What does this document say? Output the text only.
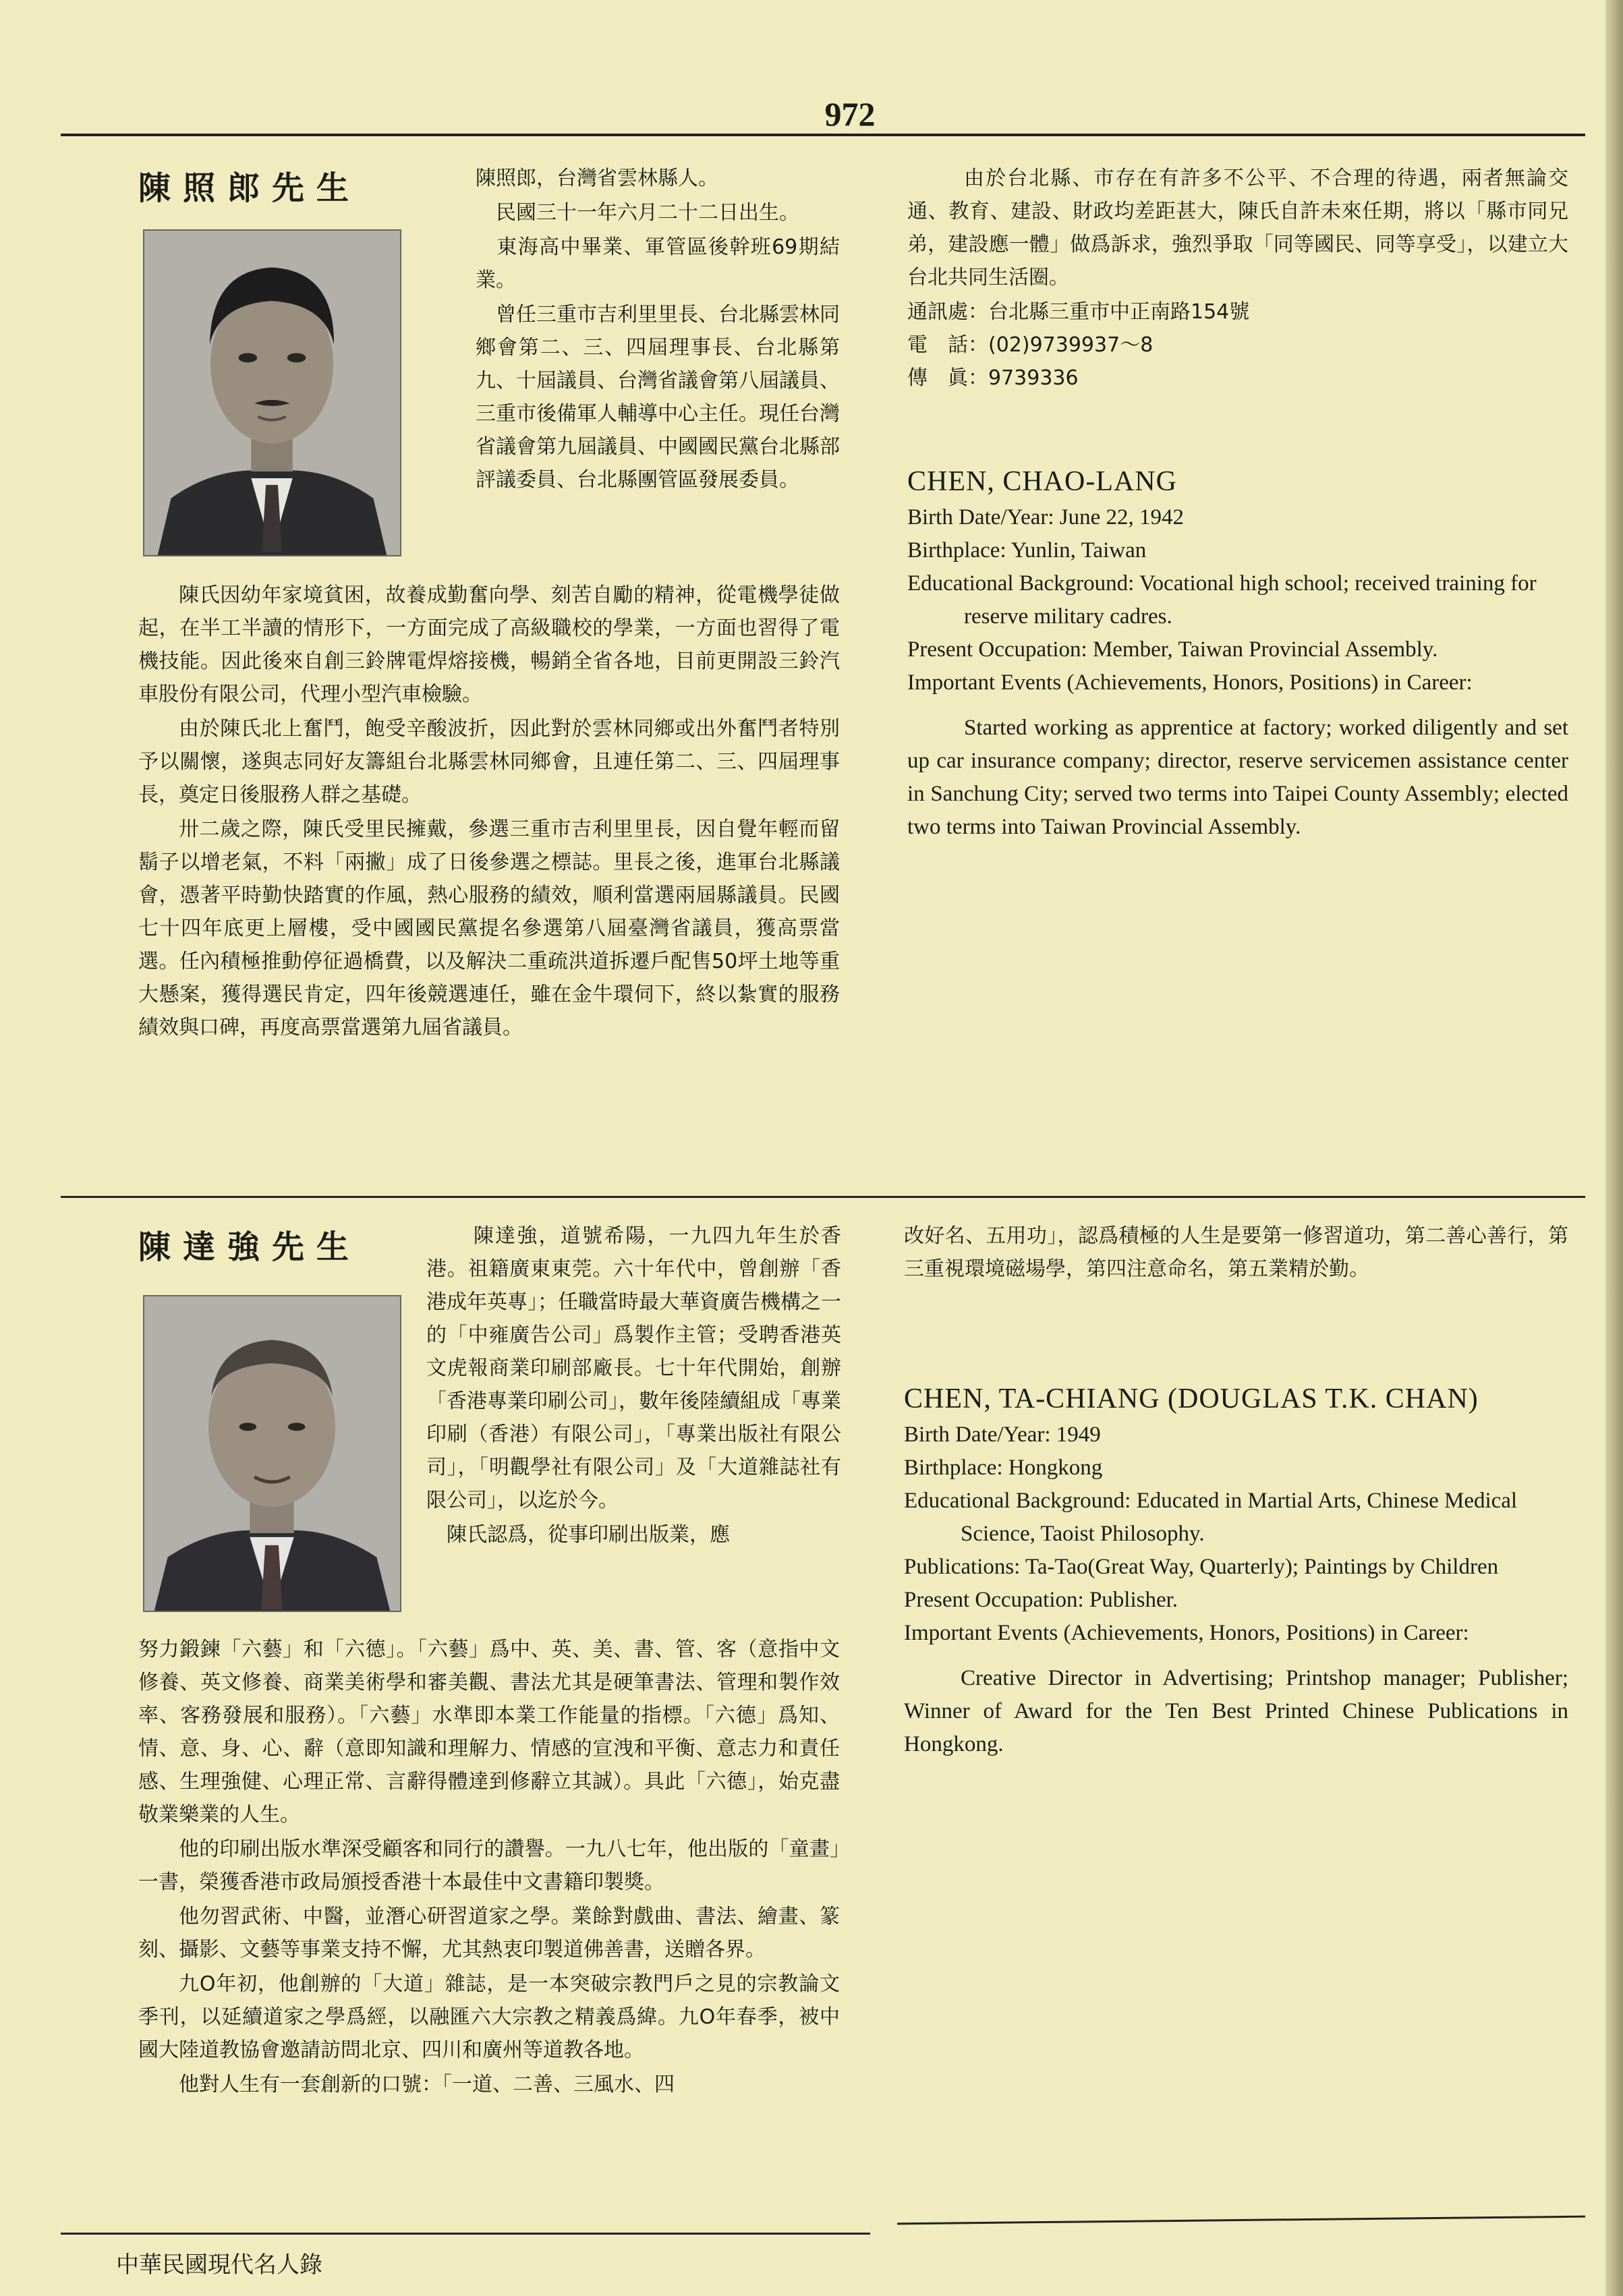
972
陳照郎先生	陳照郎，台灣省雲林縣人。

　民國三十一年六月二十二日出生。

　東海高中畢業、軍管區後幹班69期結業。

　曾任三重市吉利里里長、台北縣雲林同鄉會第二、三、四屆理事長、台北縣第九、十屆議員、台灣省議會第八屆議員、三重市後備軍人輔導中心主任。現任台灣省議會第九屆議員、中國國民黨台北縣部評議委員、台北縣團管區發展委員。

陳氏因幼年家境貧困，故養成勤奮向學、刻苦自勵的精神，從電機學徒做起，在半工半讀的情形下，一方面完成了高級職校的學業，一方面也習得了電機技能。因此後來自創三鈴牌電焊熔接機，暢銷全省各地，目前更開設三鈴汽車股份有限公司，代理小型汽車檢驗。

由於陳氏北上奮鬥，飽受辛酸波折，因此對於雲林同鄉或出外奮鬥者特別予以關懷，遂與志同好友籌組台北縣雲林同鄉會，且連任第二、三、四屆理事長，奠定日後服務人群之基礎。

卅二歲之際，陳氏受里民擁戴，參選三重市吉利里里長，因自覺年輕而留鬍子以增老氣，不料「兩撇」成了日後參選之標誌。里長之後，進軍台北縣議會，憑著平時勤快踏實的作風，熱心服務的績效，順利當選兩屆縣議員。民國七十四年底更上層樓，受中國國民黨提名參選第八屆臺灣省議員，獲高票當選。任內積極推動停征過橋費，以及解決二重疏洪道拆遷戶配售50坪土地等重大懸案，獲得選民肯定，四年後競選連任，雖在金牛環伺下，終以紮實的服務績效與口碑，再度高票當選第九屆省議員。

由於台北縣、市存在有許多不公平、不合理的待遇，兩者無論交通、教育、建設、財政均差距甚大，陳氏自許未來任期，將以「縣市同兄弟，建設應一體」做爲訴求，強烈爭取「同等國民、同等享受」，以建立大台北共同生活圈。

通訊處：台北縣三重市中正南路154號

電　話：(02)9739937～8

傳　眞：9739336

CHEN, CHAO-LANG

Birth Date/Year: June 22, 1942

Birthplace: Yunlin, Taiwan

Educational Background: Vocational high school; received training for reserve military cadres.

Present Occupation: Member, Taiwan Provincial Assembly.

Important Events (Achievements, Honors, Positions) in Career:

Started working as apprentice at factory; worked diligently and set up car insurance company; director, reserve servicemen assistance center in Sanchung City; served two terms into Taipei County Assembly; elected two terms into Taiwan Provincial Assembly.

陳達強先生	陳達強，道號希陽，一九四九年生於香港。祖籍廣東東莞。六十年代中，曾創辦「香港成年英專」；任職當時最大華資廣告機構之一的「中雍廣告公司」爲製作主管；受聘香港英文虎報商業印刷部廠長。七十年代開始，創辦「香港專業印刷公司」，數年後陸續組成「專業印刷（香港）有限公司」，「專業出版社有限公司」，「明觀學社有限公司」及「大道雜誌社有限公司」，以迄於今。

　陳氏認爲，從事印刷出版業，應

努力鍛鍊「六藝」和「六德」。「六藝」爲中、英、美、書、管、客（意指中文修養、英文修養、商業美術學和審美觀、書法尤其是硬筆書法、管理和製作效率、客務發展和服務）。「六藝」水準即本業工作能量的指標。「六德」爲知、情、意、身、心、辭（意即知識和理解力、情感的宣洩和平衡、意志力和責任感、生理強健、心理正常、言辭得體達到修辭立其誠）。具此「六德」，始克盡敬業樂業的人生。

他的印刷出版水準深受顧客和同行的讚譽。一九八七年，他出版的「童畫」一書，榮獲香港市政局頒授香港十本最佳中文書籍印製獎。

他勿習武術、中醫，並潛心研習道家之學。業餘對戲曲、書法、繪畫、篆刻、攝影、文藝等事業支持不懈，尤其熱衷印製道佛善書，送贈各界。

九O年初，他創辦的「大道」雜誌，是一本突破宗教門戶之見的宗教論文季刊，以延續道家之學爲經，以融匯六大宗教之精義爲緯。九O年春季，被中國大陸道教協會邀請訪問北京、四川和廣州等道教各地。

他對人生有一套創新的口號：「一道、二善、三風水、四

改好名、五用功」，認爲積極的人生是要第一修習道功，第二善心善行，第三重視環境磁場學，第四注意命名，第五業精於勤。

CHEN, TA-CHIANG (DOUGLAS T.K. CHAN)

Birth Date/Year: 1949

Birthplace: Hongkong

Educational Background: Educated in Martial Arts, Chinese Medical Science, Taoist Philosophy.

Publications: Ta-Tao(Great Way, Quarterly); Paintings by Children

Present Occupation: Publisher.

Important Events (Achievements, Honors, Positions) in Career:

Creative Director in Advertising; Printshop manager; Publisher; Winner of Award for the Ten Best Printed Chinese Publications in Hongkong.

中華民國現代名人錄
